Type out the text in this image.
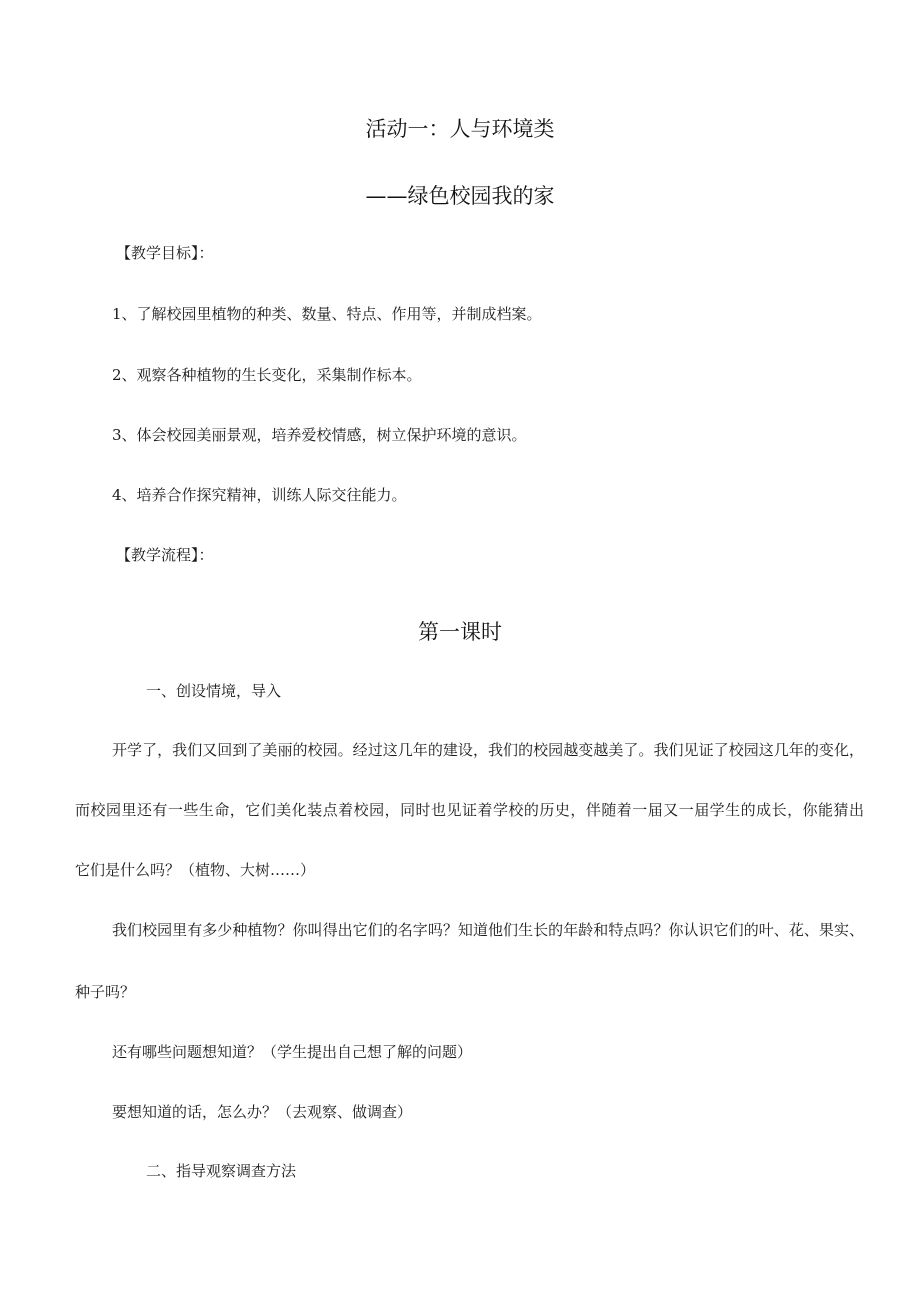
活动一：人与环境类
——绿色校园我的家
【教学目标】：
1、了解校园里植物的种类、数量、特点、作用等，并制成档案。
2、观察各种植物的生长变化，采集制作标本。
3、体会校园美丽景观，培养爱校情感，树立保护环境的意识。
4、培养合作探究精神，训练人际交往能力。
【教学流程】：
第一课时
一、创设情境，导入
开学了，我们又回到了美丽的校园。经过这几年的建设，我们的校园越变越美了。我们见证了校园这几年的变化，
而校园里还有一些生命，它们美化装点着校园，同时也见证着学校的历史，伴随着一届又一届学生的成长，你能猜出
它们是什么吗？（植物、大树……）
我们校园里有多少种植物？你叫得出它们的名字吗？知道他们生长的年龄和特点吗？你认识它们的叶、花、果实、
种子吗？
还有哪些问题想知道？（学生提出自己想了解的问题）
要想知道的话，怎么办？（去观察、做调查）
二、指导观察调查方法
